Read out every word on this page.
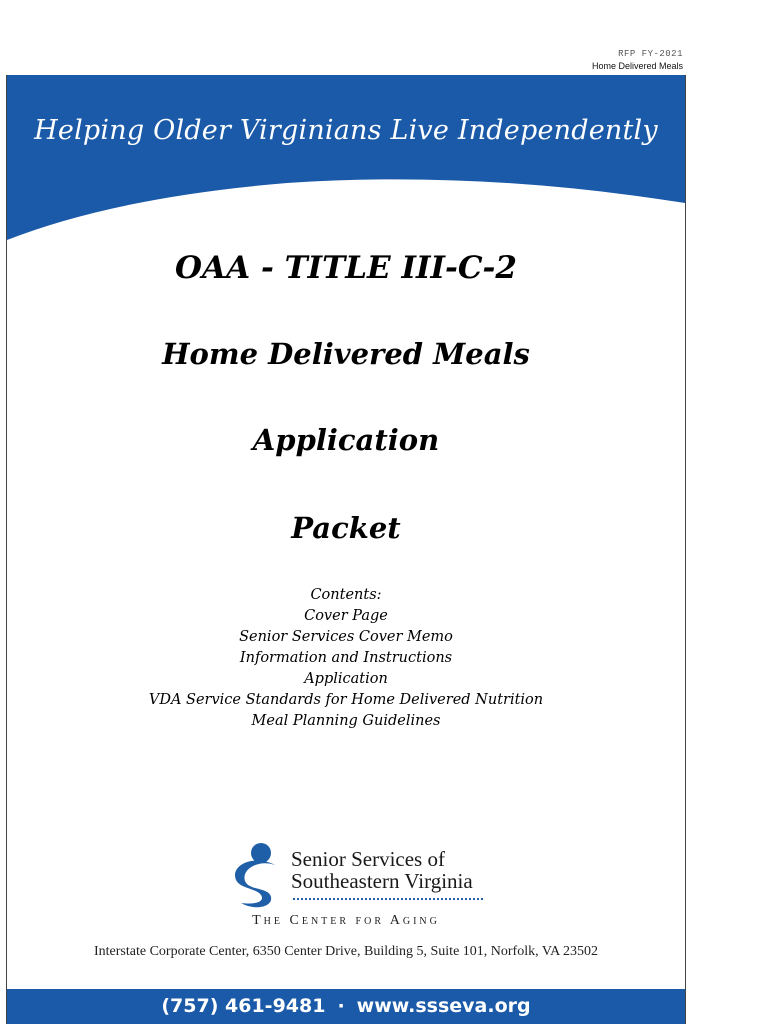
RFP FY-2021
Home Delivered Meals
Helping Older Virginians Live Independently
OAA - TITLE III-C-2
Home Delivered Meals
Application
Packet
Contents:
Cover Page
Senior Services Cover Memo
Information and Instructions
Application
VDA Service Standards for Home Delivered Nutrition
Meal Planning Guidelines
Senior Services of
Southeastern Virginia
The Center for Aging
Interstate Corporate Center, 6350 Center Drive, Building 5, Suite 101, Norfolk, VA 23502
(757) 461-9481 · www.ssseva.org
